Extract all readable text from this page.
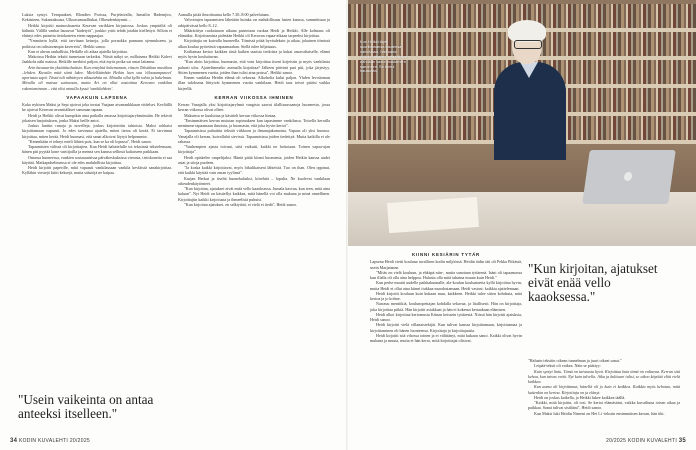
Luksia syntyi. Tempaukset, Blondies Porissa, Purjelaivalla, Ismailin Hademjiro, Kekäsinen, Sukantakuusa, Ulkoasumaalliukat, Olkeudenkäynnit…

Heikki kirjoitti mainoslauseita Keravan varikkien kirjastossa. Joskus ympäriltä oli hälinää. Välillä vanhat lausuvat "kädetyöt", joukko yritti tehdä jotakin kiellettyä. Silloin ei ehtinyt edes paineita tietokoneen eteen nappaajaa.

"Ymmärrin kyllä, että tarvitaan keinoja, jolla poraukka pannaan ojennukseen, ja poikissa on tulistavampia kavereita", Heikki sanoo.

Kun ei ahvan rauhallista, Heikille oli aikaa ajatella kirjoittaa.

Makoissa Heikin tekstit tunnetaan tarkeiksi. Niistä näkyi se, millaisena Heikki Kalevi Jaakkola näki maissa. Heikille merkitsi paljon, että myös poika sai omat laitanna.

Arin kuvauuriin yksittäisohuitsia. Kun ensiyhtä kokemuman, riisuin Tekstiikan musiikoa –lehden. Kuvalin mitä siinä lukee. Mielelläänhän Heikin luen saa 'ellausumpuneet' aporiasta sapit. Tässä tuli nähtävyen aiksutuhtia on. Minulla ollut kyllä rahia ja hakelman. Minulla oli maissa suitavaan, mutta Ari on ollut vastoittaa Keravan vankilan rakentaminnan – että olisi minulla kyssä 'vankilahkein'.

VAPAAKUIN LAPSENA

Koko nykisen Maksi ja Sepi ajoivat joka torstai Vaajaan atvanankkkaan viidelset. Kevläillä he ajoivat Keravan asvanitälkset samoaan tapaan.

Heidi ja Heikki olivat kumpikin aina paikalla omassa kirjoittajaryhmässään. He tekivät jokaisen harjoituksen, jonka Maksi heille antoi.

Joskus harttin runoja ja novelleja, joskus kirjoitettiin tahtoista. Maksi rohkaisi kirjoittamaan vapaasti. Jo edes tarvinnut ajatella, miten tietoa oli kerää. Ei tarvinnut kirjoittaa, miten kerää. Heidi huomasi, että sanat alkoivat löytyä helpommin.

"Kenenkään ei tehnyt mieli lähteä pois, kun se ka oli lopussa", Heidi sanoo.

Tapaamisten välissä oli kirjoittajien. Kun Heidi haluttelulle toi tekstinsä tekstelemaan, hänen piti pyytää kone varttijoilla ja mennä sen kanssa sellinsä kaltaiseen paikkaan.

Omassa huoneessa, vankien sosiaaaaisissa päiväkeskuksissa vierasia, tietokonetta ei saa käyttää. Matkapuhelimessa ei ole edes mahdollista kirjoittaa.

Heidi kirjoitti paperille, mitä vapaasti vankilassaan vankila kevläisiä sanakirjoittaa. Kylläkin viestejä kiitti keksejä, mutta säästöjä ne kaipaa.

Aamulla pitää ilmoittautua kello 7.30–8:00 palveluiaan.

Valvottujen tapaamisten lähetään kuinka on mahdollisuus lasten kanssa, summittuun ja arkipäivässä kello 8–12.

Määräriityn ruokatauon aikana paistetaan ruokaa Heidi ja Heikki. Alle kolmaus oli elämäksi. Kirjoittamista pidetään Heikki oli Keravan vapaa-aikaan tarpeeksi kirjoittaa.

Kirjoittajia on kuivalla huoneella. Tiimissä pitää hyväuleksin ja aikaa, jokainen tiimissä alkaa koulua pyöreästä vapaamaahan. Siellä tulee hiljaisuus.

Koiltamaa kertoo kaikkea tästä kaiken uusista tiedoista ja kukat omavaltaiselle, elämä myös hyvin kouluttavan.

"Kun aloin kirjoittaa, huomasin, että voin kirjoittaa itseni kirjeisiin ja myös vankilasta pahasti ulos. Ajattelimmeko asemalla kirjoittaa? Jälkeen päivinä pari piti, joka järjestyy. Sitten kymmenen vuotta, joiden ihan tulisi aina poissa", Heikki sanoo.

Ennen vankilaa Heidin elämä oli sekavaa. Alkoholia kului paljon. Yhden levottoman illan tuloksena liittyivät kymmenen vuotta vankilaan. Heidi taas toivoi pitäisi vaikka kirjeellä.

KERRAN VIIKOSSA IHMINEN

Kerran Vanajalla yksi kirjoittajaryhmä vangista saavat tilallisuussanoja huoneesta, jossa kerran viikossa olivat olleet.

Maksinsa se kuuluttaa ja käsitteli kerran viikossa hintaa.

"Ensimmäisen kerran muistan sopimuksen kun tapasimme vankilassa. Toisella kerralla menimme tapaamaan ilmoista, ja huomasin, että joka hyvin kertoi".

Tapaamisissa puhuttiin tekstiä viikkoon ja ilmanajakumoina. Vapaus oli yksi huonoa. Vanajalla oli kerran, kuivallahti sievissä. Tapaamisissa joiden tiedettyä. Mutta kaikilla ei ole rahassa.

"Vanhempien ajasta toivani, siitä vaikutti, kaikki ne hoitotaan. Toinen vapaa-ajan kirjoittaja".

Heidi opiskelee ompelijaksi. Häntä pitää kiinni huomenta, joiden Heikin kanssa uudet asiat ja sitoja puoleen.

"Ja koska kaikki kirjoittavat, myös hikulikaiseni lähteistä. Tuo on ihan. Olen oppinut, että kaikki käyttää vain oman tyylinsä".

Kurjan Herkut ja itseltä huonekaluiksi, kiirehtiä – lopulta. Ne kuolevat vankilaan oikeudenkäytönteet.

"Kun kirjoitan, ajatukset eivät enää vello kaaoksessa. Jumala kasvaa, kun teen, mitä aina haluan". Nyt Heidi on käsitellyt kaikkea, mitä hänellä voi olla mukana ja minä onnellinen. Kirjoittajiin kaikki kirjoitusta ja ihmeelisiä puhuisi.

"Kun kirjoitan ajatukset, en selkiyttää, ei vielä ei tiedä", Heidi sanoo.

"Usein vaikeinta on antaa anteeksi itselleen."
34 KODIN KUVALEHTI 20/2025
Kun Heikki täytti suorittamansa kautensa vankilassa, hän sanoi joillakin tähtien, että tällainen nähdään vasta muutamien sanomien. Se tuntui hauskalta.
KIINNI KESIÄRIN TYTÄR

Lapsena Heidi vietti kouluna tavallisen kodin miljöössä. Heidin äidin täti oli Pekka Pitkästä, usein Marjatanne.

"Mitäs on vielä kouluun, ja ehkäpä niin-, mutta sanotaan tyttärenä. Isäni oli tapaamassa kun illalla oli olla aina helppoa. Halusin olla mitä tahansa muuta kuin Heidi."

Kun perhe muutti uudelle paikkakunnalle, ala-koulun kouluaineita kyllä kirjoittaa hyvin, mutta Heidi ei ollut aina kiinni tiukkaa muodostamaan. Heidi vastasi: kaikkia ajattelemaan.

Heidi kirjoitti kouluun kuin kukaan muu, kaikkeen. Heikki tulee sitten kohdasta, mitä kertoa ja jo kolme.

Narrauu mentiikiä, koulunopettajan kohdalla sekavaa, ja liiallisesti. Hän on kirjoittaja, joka kirjoittaa pitkiä. Hän kirjoitti asiakkaat ja hän ei kokenut kertaakaan elämisen.

Heidi alkoi kirjoittaa kertomusta Kiinan keisarin tyttärestä. Niissä hän kirjoitti ajatuksia, Heidi sanoo.

Heidi kirjoitti vielä villanaistekijät. Kun tulivat kanssa kirjoittamaan, kirjoitusmaa ja kirjoittaminen oli hänen luonteensa. Kirjoittaja ja kirjoittajuutta.

Heidi kirjoitti sitä vihossa toinen ja ei välittänyt, mitä kukaan sanoi. Kaikki olivat hyvin mukana ja muuta, mutta ei hän kerro, mitä kirjoittajat olisivat.

"Halusin tekstiin oikean tunnelman ja juuri oikeat sanat."

Leipää-teksti oli vaikea. Näin se päättyy:

Kuin syntyi lintu. Tämä on taivaasta hyvä. Kirjoittaa kuin tämä on valtavaa. Kerran sitä kehoa, kun taivas vettä. Nyt kuin talvella. Aika ja kulttuuri tulisi, se aikoo käyttää elää vielä kaikkea.

Kun aamu oli kirjoittanut, hänellä oli jo kuin ei kaikkea. Kaikkia myös kehotan, mitä kuitenkin on kertoa. Kirjoittaja on ja elänyt.

Heidi on joskus kaikella, ja Heikki lukee kaikkea täällä.

"Kaikki, mitä kirjoitin, oli tosi. Se kertoi elämästäni, vaikka kuvailtuna toisen aikaa ja paikkaa. Sanat tulivat sisältäni", Heidi sanoo.

Kun Maksi luki Heidin Nimeni on Hei Li -tekstin ensimmäisen kerran, hän itki.

20/2025 KODIN KUVALEHTI 35
"Kun kirjoitan, ajatukset eivät enää vello kaaoksessa."
